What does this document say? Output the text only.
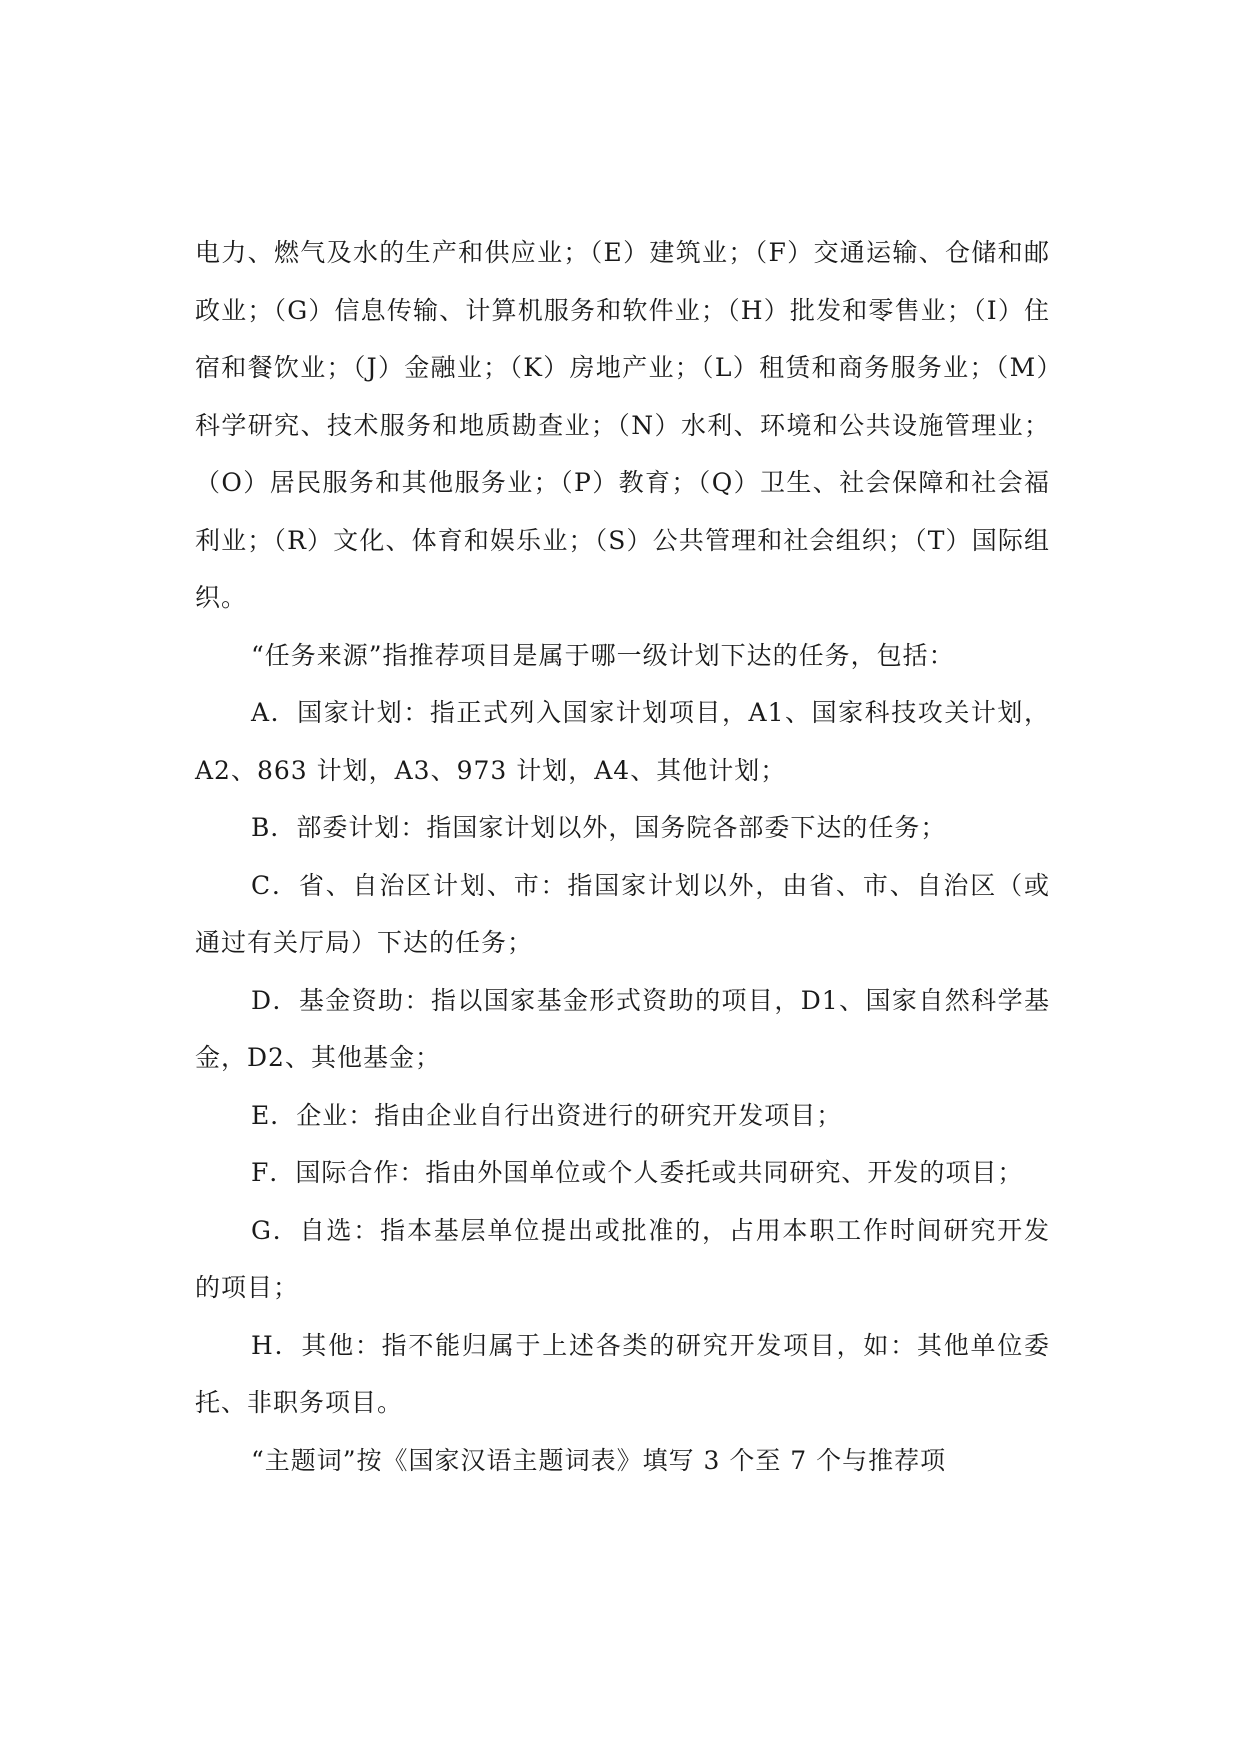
电力、燃气及水的生产和供应业；（E）建筑业；（F）交通运输、仓储和邮政业；（G）信息传输、计算机服务和软件业；（H）批发和零售业；（I）住宿和餐饮业；（J）金融业；（K）房地产业；（L）租赁和商务服务业；（M）科学研究、技术服务和地质勘查业；（N）水利、环境和公共设施管理业；（O）居民服务和其他服务业；（P）教育；（Q）卫生、社会保障和社会福利业；（R）文化、体育和娱乐业；（S）公共管理和社会组织；（T）国际组织。

“任务来源”指推荐项目是属于哪一级计划下达的任务，包括：

A．国家计划：指正式列入国家计划项目，A1、国家科技攻关计划，A2、863 计划，A3、973 计划，A4、其他计划；

B．部委计划：指国家计划以外，国务院各部委下达的任务；

C．省、自治区计划、市：指国家计划以外，由省、市、自治区（或通过有关厅局）下达的任务；

D．基金资助：指以国家基金形式资助的项目，D1、国家自然科学基金，D2、其他基金；

E．企业：指由企业自行出资进行的研究开发项目；

F．国际合作：指由外国单位或个人委托或共同研究、开发的项目；

G．自选：指本基层单位提出或批准的，占用本职工作时间研究开发的项目；

H．其他：指不能归属于上述各类的研究开发项目，如：其他单位委托、非职务项目。

“主题词”按《国家汉语主题词表》填写 3 个至 7 个与推荐项
